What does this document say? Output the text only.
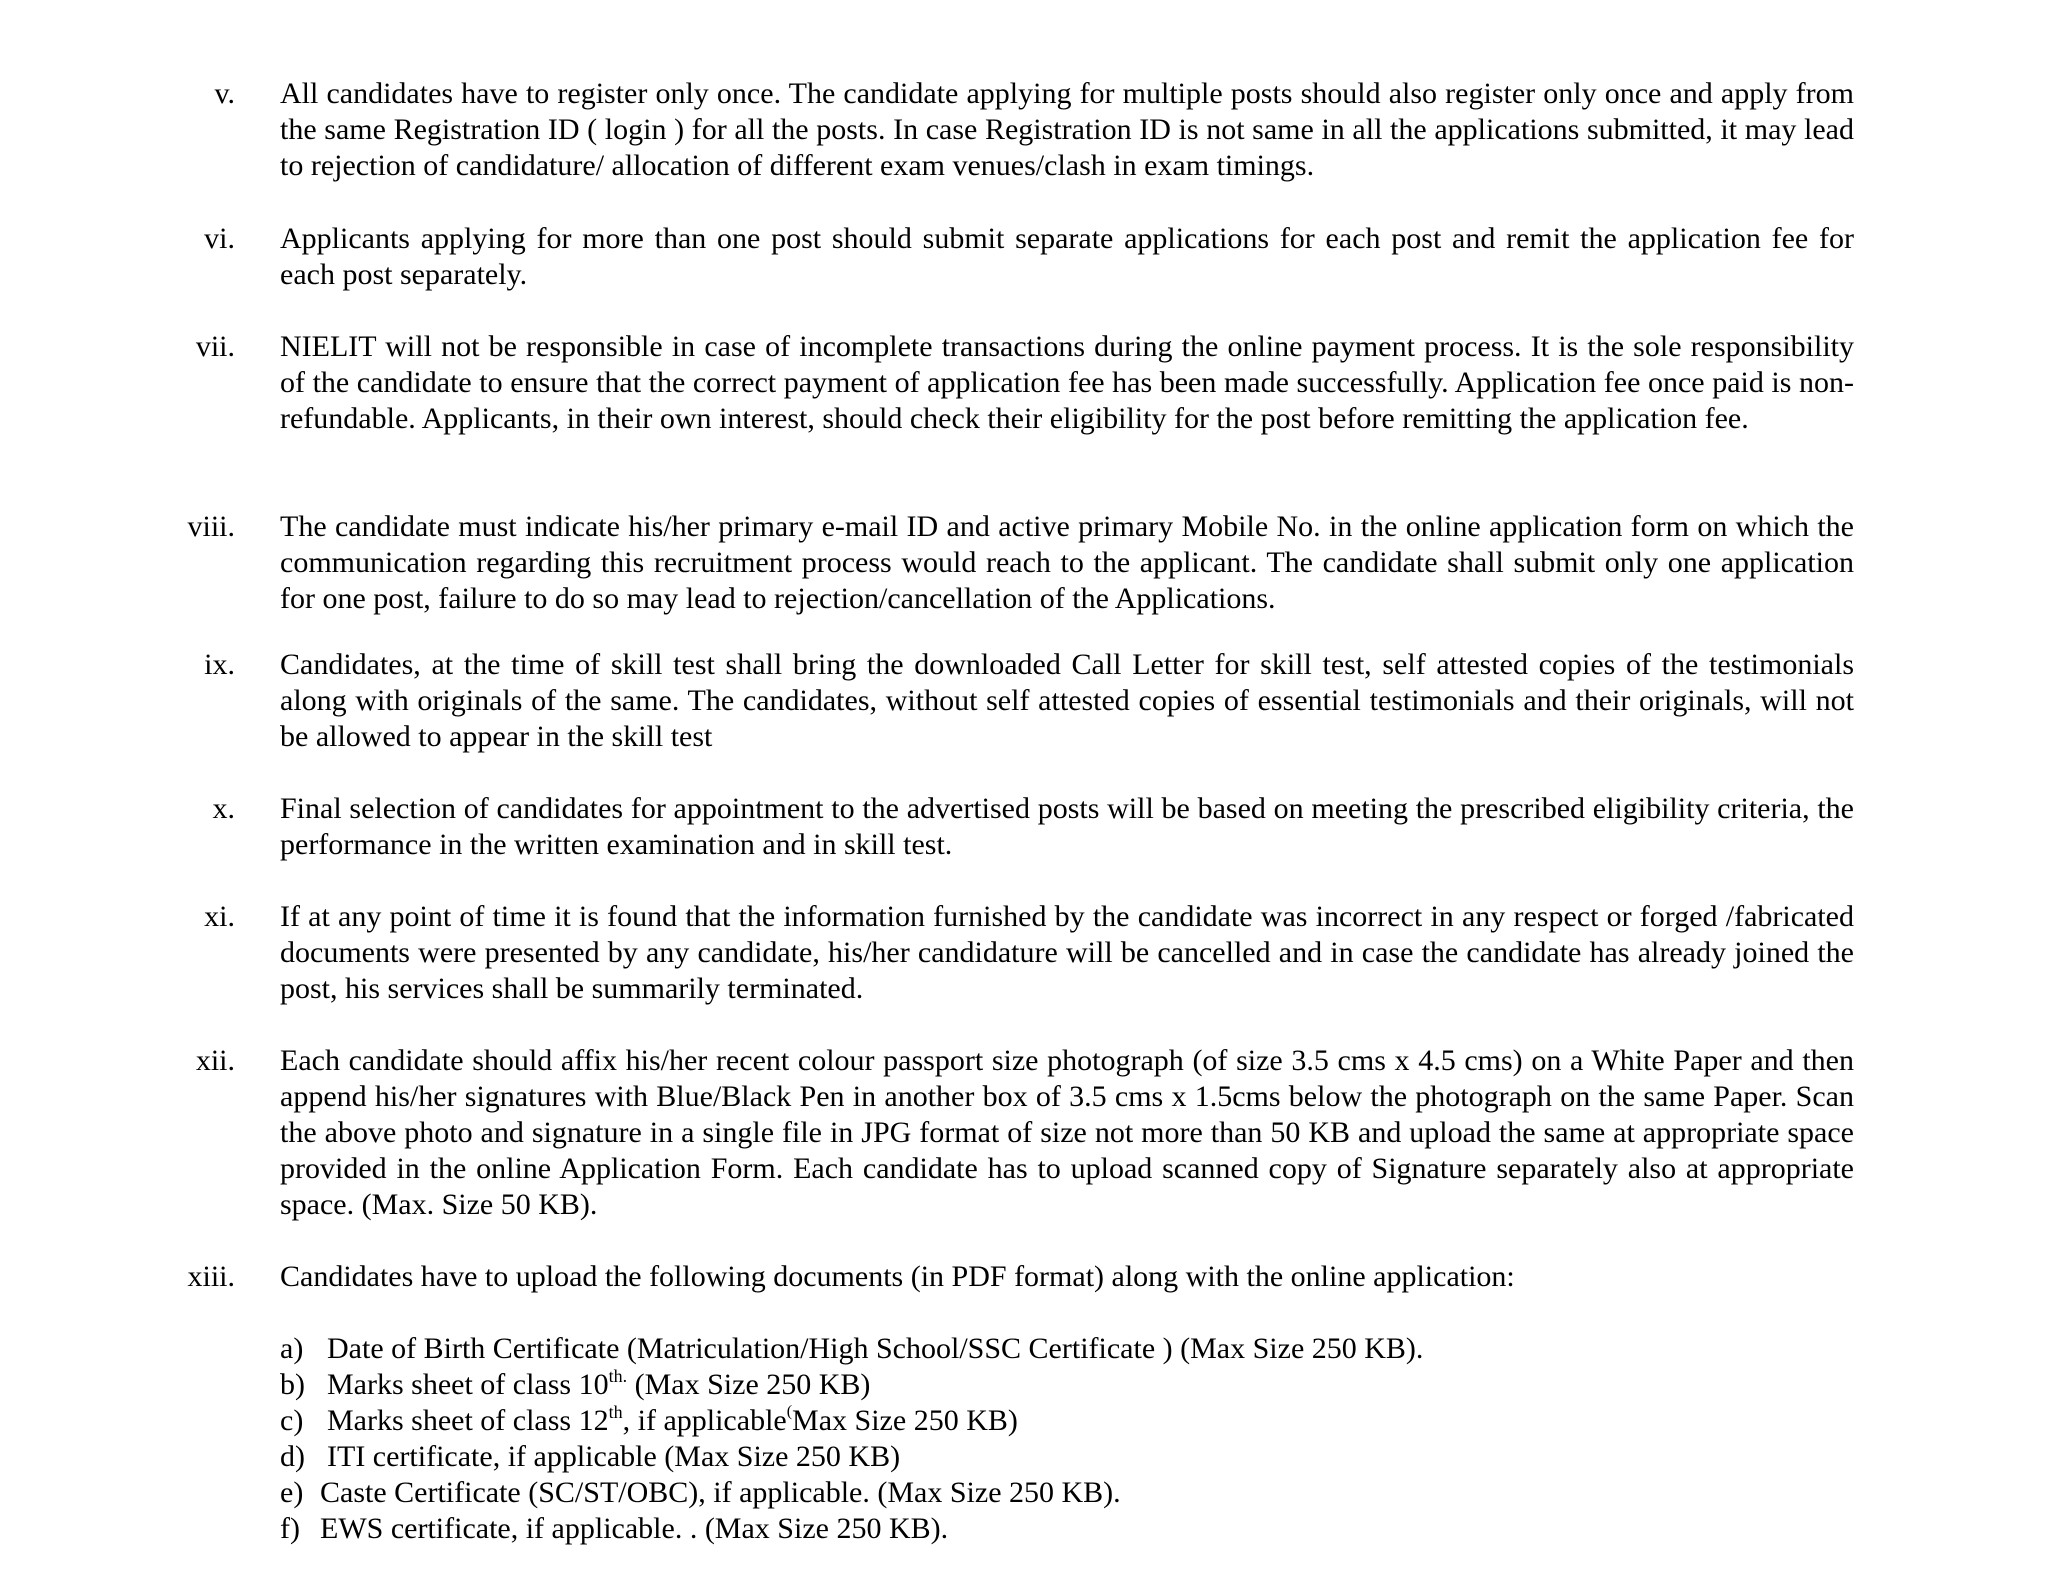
v. All candidates have to register only once. The candidate applying for multiple posts should also register only once and apply from the same Registration ID ( login ) for all the posts. In case Registration ID is not same in all the applications submitted, it may lead to rejection of candidature/ allocation of different exam venues/clash in exam timings.
vi. Applicants applying for more than one post should submit separate applications for each post and remit the application fee for each post separately.
vii. NIELIT will not be responsible in case of incomplete transactions during the online payment process. It is the sole responsibility of the candidate to ensure that the correct payment of application fee has been made successfully. Application fee once paid is non-refundable. Applicants, in their own interest, should check their eligibility for the post before remitting the application fee.
viii. The candidate must indicate his/her primary e-mail ID and active primary Mobile No. in the online application form on which the communication regarding this recruitment process would reach to the applicant. The candidate shall submit only one application for one post, failure to do so may lead to rejection/cancellation of the Applications.
ix. Candidates, at the time of skill test shall bring the downloaded Call Letter for skill test, self attested copies of the testimonials along with originals of the same. The candidates, without self attested copies of essential testimonials and their originals, will not be allowed to appear in the skill test
x. Final selection of candidates for appointment to the advertised posts will be based on meeting the prescribed eligibility criteria, the performance in the written examination and in skill test.
xi. If at any point of time it is found that the information furnished by the candidate was incorrect in any respect or forged /fabricated documents were presented by any candidate, his/her candidature will be cancelled and in case the candidate has already joined the post, his services shall be summarily terminated.
xii. Each candidate should affix his/her recent colour passport size photograph (of size 3.5 cms x 4.5 cms) on a White Paper and then append his/her signatures with Blue/Black Pen in another box of 3.5 cms x 1.5cms below the photograph on the same Paper. Scan the above photo and signature in a single file in JPG format of size not more than 50 KB and upload the same at appropriate space provided in the online Application Form. Each candidate has to upload scanned copy of Signature separately also at appropriate space. (Max. Size 50 KB).
xiii. Candidates have to upload the following documents (in PDF format) along with the online application:
a) Date of Birth Certificate (Matriculation/High School/SSC Certificate ) (Max Size 250 KB).
b) Marks sheet of class $10^{th.}$ (Max Size 250 KB)
c) Marks sheet of class 12th, if applicable(Max Size 250 KB)
d) ITI certificate, if applicable (Max Size 250 KB)
e) Caste Certificate (SC/ST/OBC), if applicable. (Max Size 250 KB).
f) EWS certificate, if applicable. . (Max Size 250 KB).
